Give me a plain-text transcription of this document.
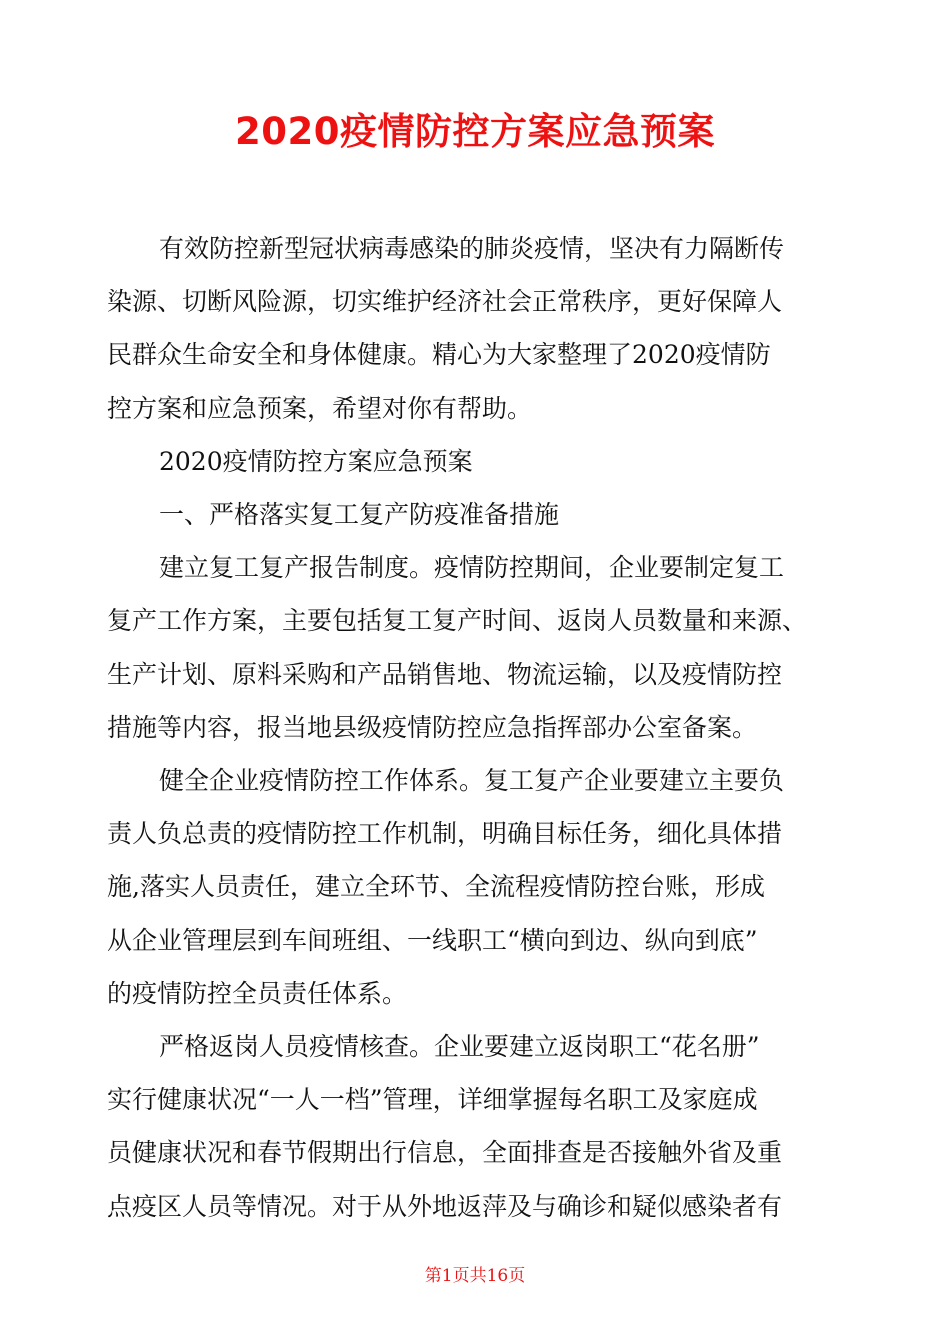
2020疫情防控方案应急预案
有效防控新型冠状病毒感染的肺炎疫情，坚决有力隔断传
染源、切断风险源，切实维护经济社会正常秩序，更好保障人
民群众生命安全和身体健康。精心为大家整理了2020疫情防
控方案和应急预案，希望对你有帮助。
2020疫情防控方案应急预案
一、严格落实复工复产防疫准备措施
建立复工复产报告制度。疫情防控期间，企业要制定复工
复产工作方案，主要包括复工复产时间、返岗人员数量和来源、
生产计划、原料采购和产品销售地、物流运输，以及疫情防控
措施等内容，报当地县级疫情防控应急指挥部办公室备案。
健全企业疫情防控工作体系。复工复产企业要建立主要负
责人负总责的疫情防控工作机制，明确目标任务，细化具体措
施,落实人员责任，建立全环节、全流程疫情防控台账，形成
从企业管理层到车间班组、一线职工“横向到边、纵向到底”
的疫情防控全员责任体系。
严格返岗人员疫情核查。企业要建立返岗职工“花名册”
实行健康状况“一人一档”管理，详细掌握每名职工及家庭成
员健康状况和春节假期出行信息，全面排查是否接触外省及重
点疫区人员等情况。对于从外地返萍及与确诊和疑似感染者有
第1页共16页
